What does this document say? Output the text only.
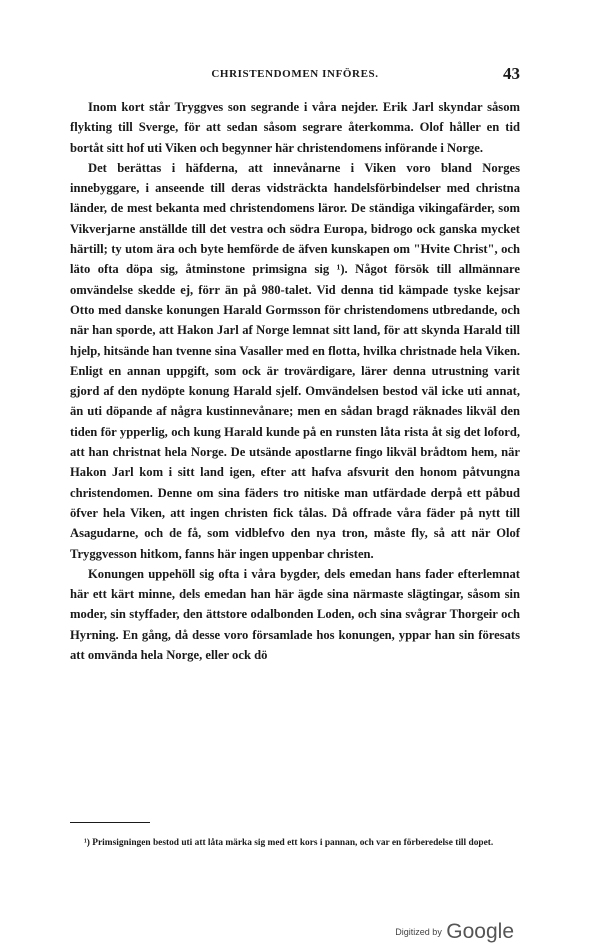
CHRISTENDOMEN INFÖRES.	43

Inom kort står Tryggves son segrande i våra nejder. Erik Jarl skyndar såsom flykting till Sverge, för att sedan såsom segrare återkomma. Olof håller en tid bortåt sitt hof uti Viken och begynner här christendomens införande i Norge.

Det berättas i häfderna, att innevånarne i Viken voro bland Norges innebyggare, i anseende till deras vidsträckta handelsförbindelser med christna länder, de mest bekanta med christendomens läror. De ständiga vikingafärder, som Vikverjarne anställde till det vestra och södra Europa, bidrogo ock ganska mycket härtill; ty utom ära och byte hemförde de äfven kunskapen om "Hvite Christ", och läto ofta döpa sig, åtminstone primsigna sig ¹). Något försök till allmännare omvändelse skedde ej, förr än på 980-talet. Vid denna tid kämpade tyske kejsar Otto med danske konungen Harald Gormsson för christendomens utbredande, och när han sporde, att Hakon Jarl af Norge lemnat sitt land, för att skynda Harald till hjelp, hitsände han tvenne sina Vasaller med en flotta, hvilka christnade hela Viken. Enligt en annan uppgift, som ock är trovärdigare, lärer denna utrustning varit gjord af den nydöpte konung Harald sjelf. Omvändelsen bestod väl icke uti annat, än uti döpande af några kustinnevånare; men en sådan bragd räknades likväl den tiden för ypperlig, och kung Harald kunde på en runsten låta rista åt sig det loford, att han christnat hela Norge. De utsände apostlarne fingo likväl brådtom hem, när Hakon Jarl kom i sitt land igen, efter att hafva afsvurit den honom påtvungna christendomen. Denne om sina fäders tro nitiske man utfärdade derpå ett påbud öfver hela Viken, att ingen christen fick tålas. Då offrade våra fäder på nytt till Asagudarne, och de få, som vidblefvo den nya tron, måste fly, så att när Olof Tryggvesson hitkom, fanns här ingen uppenbar christen.

Konungen uppehöll sig ofta i våra bygder, dels emedan hans fader efterlemnat här ett kärt minne, dels emedan han här ägde sina närmaste slägtingar, såsom sin moder, sin styffader, den ättstore odalbonden Loden, och sina svågrar Thorgeir och Hyrning. En gång, då desse voro församlade hos konungen, yppar han sin föresats att omvända hela Norge, eller ock dö

¹) Primsigningen bestod uti att låta märka sig med ett kors i pannan, och var en förberedelse till dopet.

Digitized by Google
